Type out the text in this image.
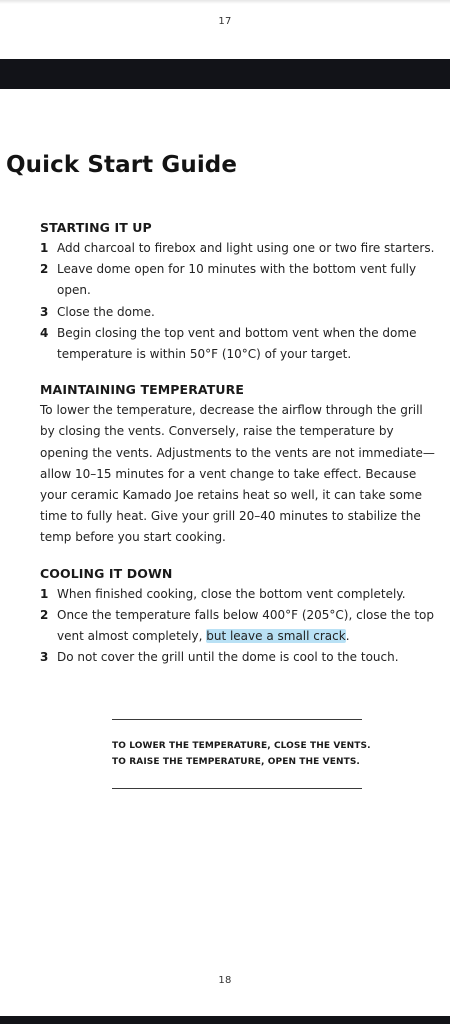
17
Quick Start Guide
STARTING IT UP
1 Add charcoal to firebox and light using one or two fire starters.
2 Leave dome open for 10 minutes with the bottom vent fully open.
3 Close the dome.
4 Begin closing the top vent and bottom vent when the dome temperature is within 50°F (10°C) of your target.
MAINTAINING TEMPERATURE

To lower the temperature, decrease the airflow through the grill by closing the vents. Conversely, raise the temperature by opening the vents. Adjustments to the vents are not immediate—allow 10–15 minutes for a vent change to take effect. Because your ceramic Kamado Joe retains heat so well, it can take some time to fully heat. Give your grill 20–40 minutes to stabilize the temp before you start cooking.

COOLING IT DOWN
1 When finished cooking, close the bottom vent completely.
2 Once the temperature falls below 400°F (205°C), close the top vent almost completely, but leave a small crack.
3 Do not cover the grill until the dome is cool to the touch.
TO LOWER THE TEMPERATURE, CLOSE THE VENTS.
TO RAISE THE TEMPERATURE, OPEN THE VENTS.
18
